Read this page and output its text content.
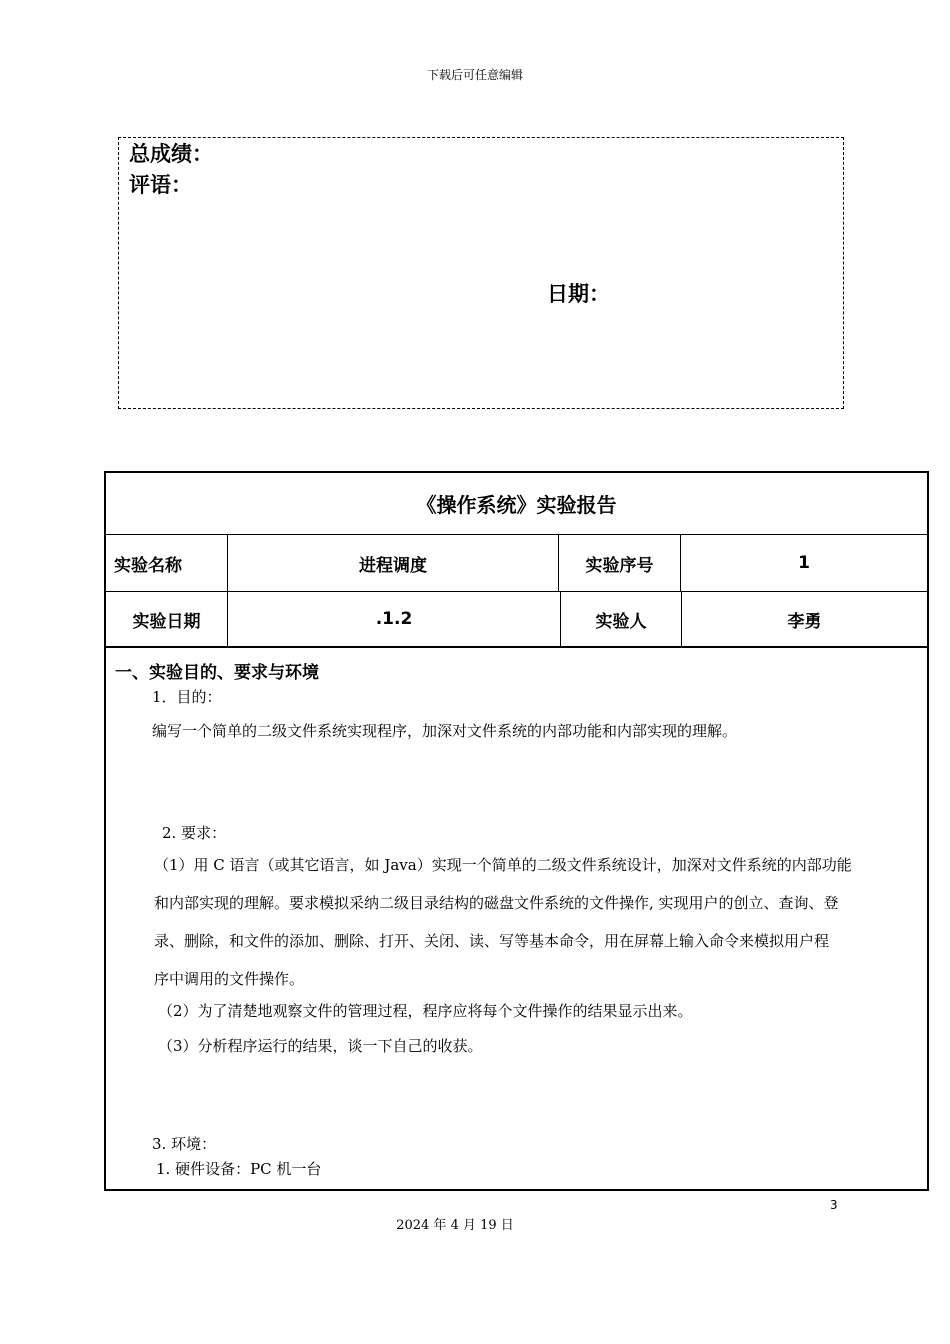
下载后可任意编辑
总成绩：
评语：
日期：
《操作系统》实验报告
实验名称	进程调度	实验序号	1
实验日期	.1.2	实验人	李勇
一、实验目的、要求与环境
1．目的：
编写一个简单的二级文件系统实现程序，加深对文件系统的内部功能和内部实现的理解。
2. 要求：
（1）用 C 语言（或其它语言，如 Java）实现一个简单的二级文件系统设计，加深对文件系统的内部功能
和内部实现的理解。要求模拟采纳二级目录结构的磁盘文件系统的文件操作, 实现用户的创立、查询、登
录、删除，和文件的添加、删除、打开、关闭、读、写等基本命令，用在屏幕上输入命令来模拟用户程
序中调用的文件操作。
（2）为了清楚地观察文件的管理过程，程序应将每个文件操作的结果显示出来。
（3）分析程序运行的结果，谈一下自己的收获。
3. 环境：
1. 硬件设备：PC 机一台
3
2024 年 4 月 19 日
